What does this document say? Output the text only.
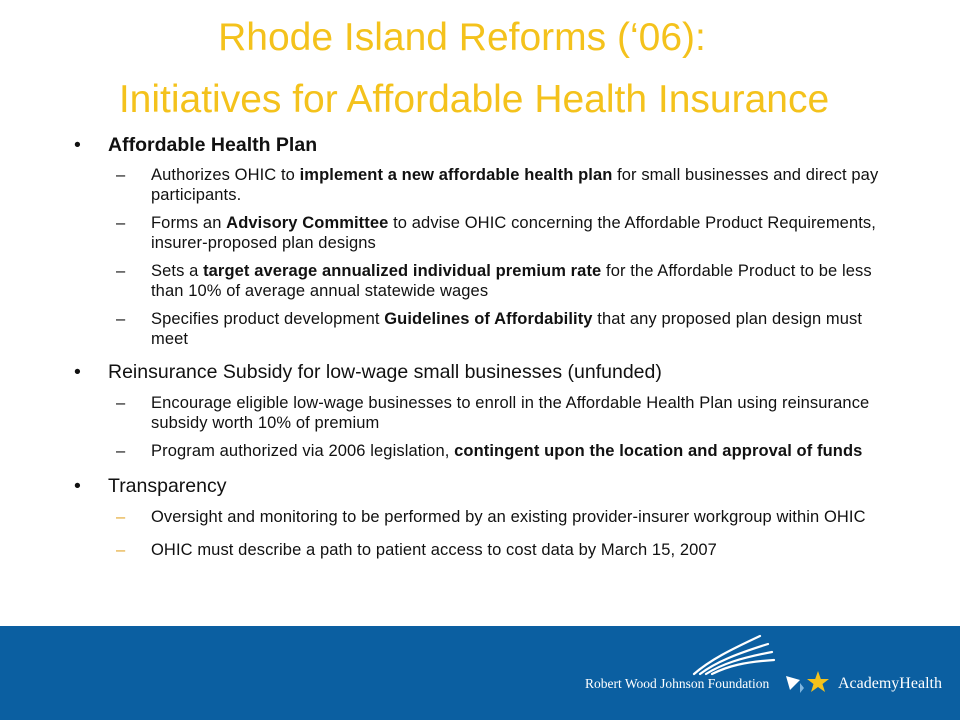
Rhode Island Reforms (‘06):
Initiatives for Affordable Health Insurance
• Affordable Health Plan
– Authorizes OHIC to implement a new affordable health plan for small businesses and direct pay participants.
– Forms an Advisory Committee to advise OHIC concerning the Affordable Product Requirements, insurer-proposed plan designs
– Sets a target average annualized individual premium rate for the Affordable Product to be less than 10% of average annual statewide wages
– Specifies product development Guidelines of Affordability that any proposed plan design must meet
• Reinsurance Subsidy for low-wage small businesses (unfunded)
– Encourage eligible low-wage businesses to enroll in the Affordable Health Plan using reinsurance subsidy worth 10% of premium
– Program authorized via 2006 legislation, contingent upon the location and approval of funds
• Transparency
– Oversight and monitoring to be performed by an existing provider-insurer workgroup within OHIC
– OHIC must describe a path to patient access to cost data by March 15, 2007
Robert Wood Johnson Foundation	AcademyHealth
